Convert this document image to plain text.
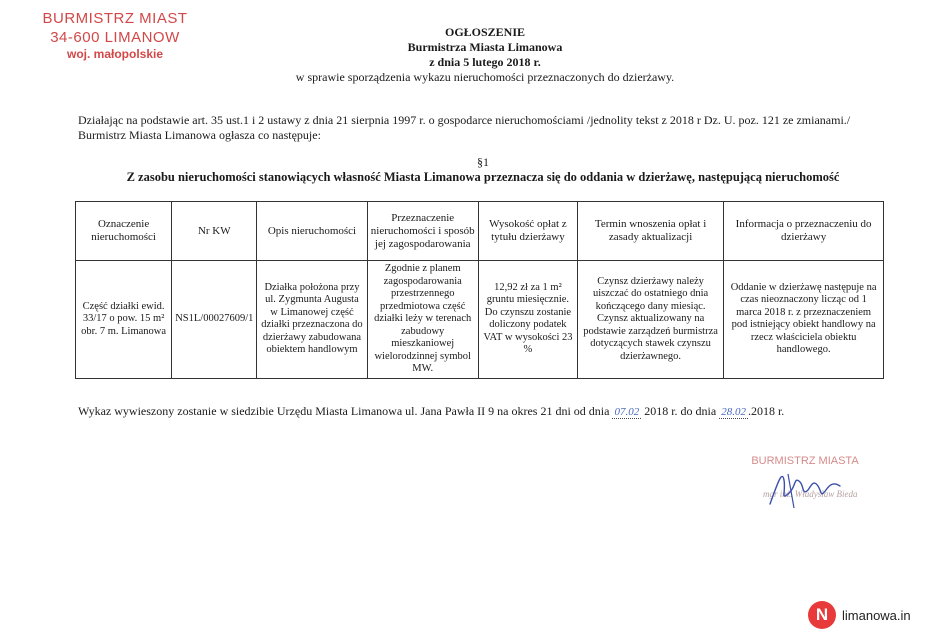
BURMISTRZ MIAST
34-600 LIMANOW
woj. małopolskie
OGŁOSZENIE
Burmistrza Miasta Limanowa
z dnia 5 lutego 2018 r.
w sprawie sporządzenia wykazu nieruchomości przeznaczonych do dzierżawy.
Działając na podstawie art. 35 ust.1 i 2 ustawy z dnia 21 sierpnia 1997 r. o gospodarce nieruchomościami /jednolity tekst z 2018 r Dz. U. poz. 121 ze zmianami./ Burmistrz Miasta Limanowa ogłasza co następuje:
§1
Z zasobu nieruchomości stanowiących własność Miasta Limanowa przeznacza się do oddania w dzierżawę, następującą nieruchomość
Oznaczenie nieruchomości	Nr KW	Opis nieruchomości	Przeznaczenie nieruchomości i sposób jej zagospodarowania	Wysokość opłat z tytułu dzierżawy	Termin wnoszenia opłat i zasady aktualizacji	Informacja o przeznaczeniu do dzierżawy
Część działki ewid. 33/17 o pow. 15 m² obr. 7 m. Limanowa	NS1L/00027609/1	Działka położona przy ul. Zygmunta Augusta w Limanowej część działki przeznaczona do dzierżawy zabudowana obiektem handlowym	Zgodnie z planem zagospodarowania przestrzennego przedmiotowa część działki leży w terenach zabudowy mieszkaniowej wielorodzinnej symbol MW.	12,92 zł za 1 m² gruntu miesięcznie. Do czynszu zostanie doliczony podatek VAT w wysokości 23 %	Czynsz dzierżawy należy uiszczać do ostatniego dnia kończącego dany miesiąc. Czynsz aktualizowany na podstawie zarządzeń burmistrza dotyczących stawek czynszu dzierżawnego.	Oddanie w dzierżawę następuje na czas nieoznaczony licząc od 1 marca 2018 r. z przeznaczeniem pod istniejący obiekt handlowy na rzecz właściciela obiektu handlowego.
Wykaz wywieszony zostanie w siedzibie Urzędu Miasta Limanowa ul. Jana Pawła II 9 na okres 21 dni od dnia 07.02 2018 r. do dnia 28.02 .2018 r.
BURMISTRZ MIASTA
mgr inż. Władysław Bieda
N	limanowa.in
